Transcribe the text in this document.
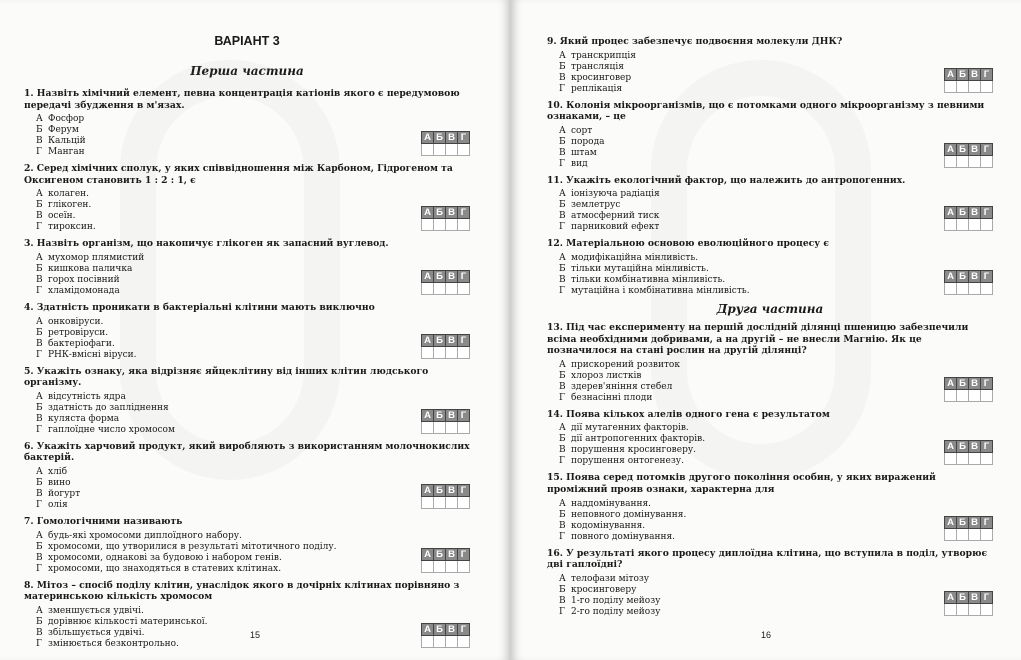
ВАРІАНТ 3
Перша частина
1. Назвіть хімічний елемент, певна концентрація катіонів якого є передумовою передачі збудження в м'язах.
А Фосфор
Б Ферум
В Кальцій
Г Манган
А	Б	В	Г

2. Серед хімічних сполук, у яких співвідношення між Карбоном, Гідрогеном та Оксигеном становить 1 : 2 : 1, є
А колаген.
Б глікоген.
В осеїн.
Г тироксин.
А	Б	В	Г

3. Назвіть організм, що накопичує глікоген як запасний вуглевод.
А мухомор плямистий
Б кишкова паличка
В горох посівний
Г хламідомонада
А	Б	В	Г

4. Здатність проникати в бактеріальні клітини мають виключно
А онковіруси.
Б ретровіруси.
В бактеріофаги.
Г РНК-вмісні віруси.
А	Б	В	Г

5. Укажіть ознаку, яка відрізняє яйцеклітину від інших клітин людського організму.
А відсутність ядра
Б здатність до запліднення
В куляста форма
Г гаплоїдне число хромосом
А	Б	В	Г

6. Укажіть харчовий продукт, який виробляють з використанням молочнокислих бактерій.
А хліб
Б вино
В йогурт
Г олія
А	Б	В	Г

7. Гомологічними називають
А будь-які хромосоми диплоїдного набору.
Б хромосоми, що утворилися в результаті мітотичного поділу.
В хромосоми, однакові за будовою і набором генів.
Г хромосоми, що знаходяться в статевих клітинах.
А	Б	В	Г

8. Мітоз – спосіб поділу клітин, унаслідок якого в дочірніх клітинах порівняно з материнською кількість хромосом
А зменшується удвічі.
Б дорівнює кількості материнської.
В збільшується удвічі.
Г змінюється безконтрольно.
А	Б	В	Г

15
9. Який процес забезпечує подвоєння молекули ДНК?
А транскрипція
Б трансляція
В кросинговер
Г реплікація
А	Б	В	Г

10. Колонія мікроорганізмів, що є потомками одного мікроорганізму з певними ознаками, – це
А сорт
Б порода
В штам
Г вид
А	Б	В	Г

11. Укажіть екологічний фактор, що належить до антропогенних.
А іонізуюча радіація
Б землетрус
В атмосферний тиск
Г парниковий ефект
А	Б	В	Г

12. Матеріальною основою еволюційного процесу є
А модифікаційна мінливість.
Б тільки мутаційна мінливість.
В тільки комбінативна мінливість.
Г мутаційна і комбінативна мінливість.
А	Б	В	Г

Друга частина
13. Під час експерименту на першій дослідній ділянці пшеницю забезпечили всіма необхідними добривами, а на другій – не внесли Магнію. Як це позначилося на стані рослин на другій ділянці?
А прискорений розвиток
Б хлороз листків
В здерев'яніння стебел
Г безнасінні плоди
А	Б	В	Г

14. Поява кількох алелів одного гена є результатом
А дії мутагенних факторів.
Б дії антропогенних факторів.
В порушення кросинговеру.
Г порушення онтогенезу.
А	Б	В	Г

15. Поява серед потомків другого покоління особин, у яких виражений проміжний прояв ознаки, характерна для
А наддомінування.
Б неповного домінування.
В кодомінування.
Г повного домінування.
А	Б	В	Г

16. У результаті якого процесу диплоїдна клітина, що вступила в поділ, утворює дві гаплоїдні?
А телофази мітозу
Б кросинговеру
В 1-го поділу мейозу
Г 2-го поділу мейозу
А	Б	В	Г

16
